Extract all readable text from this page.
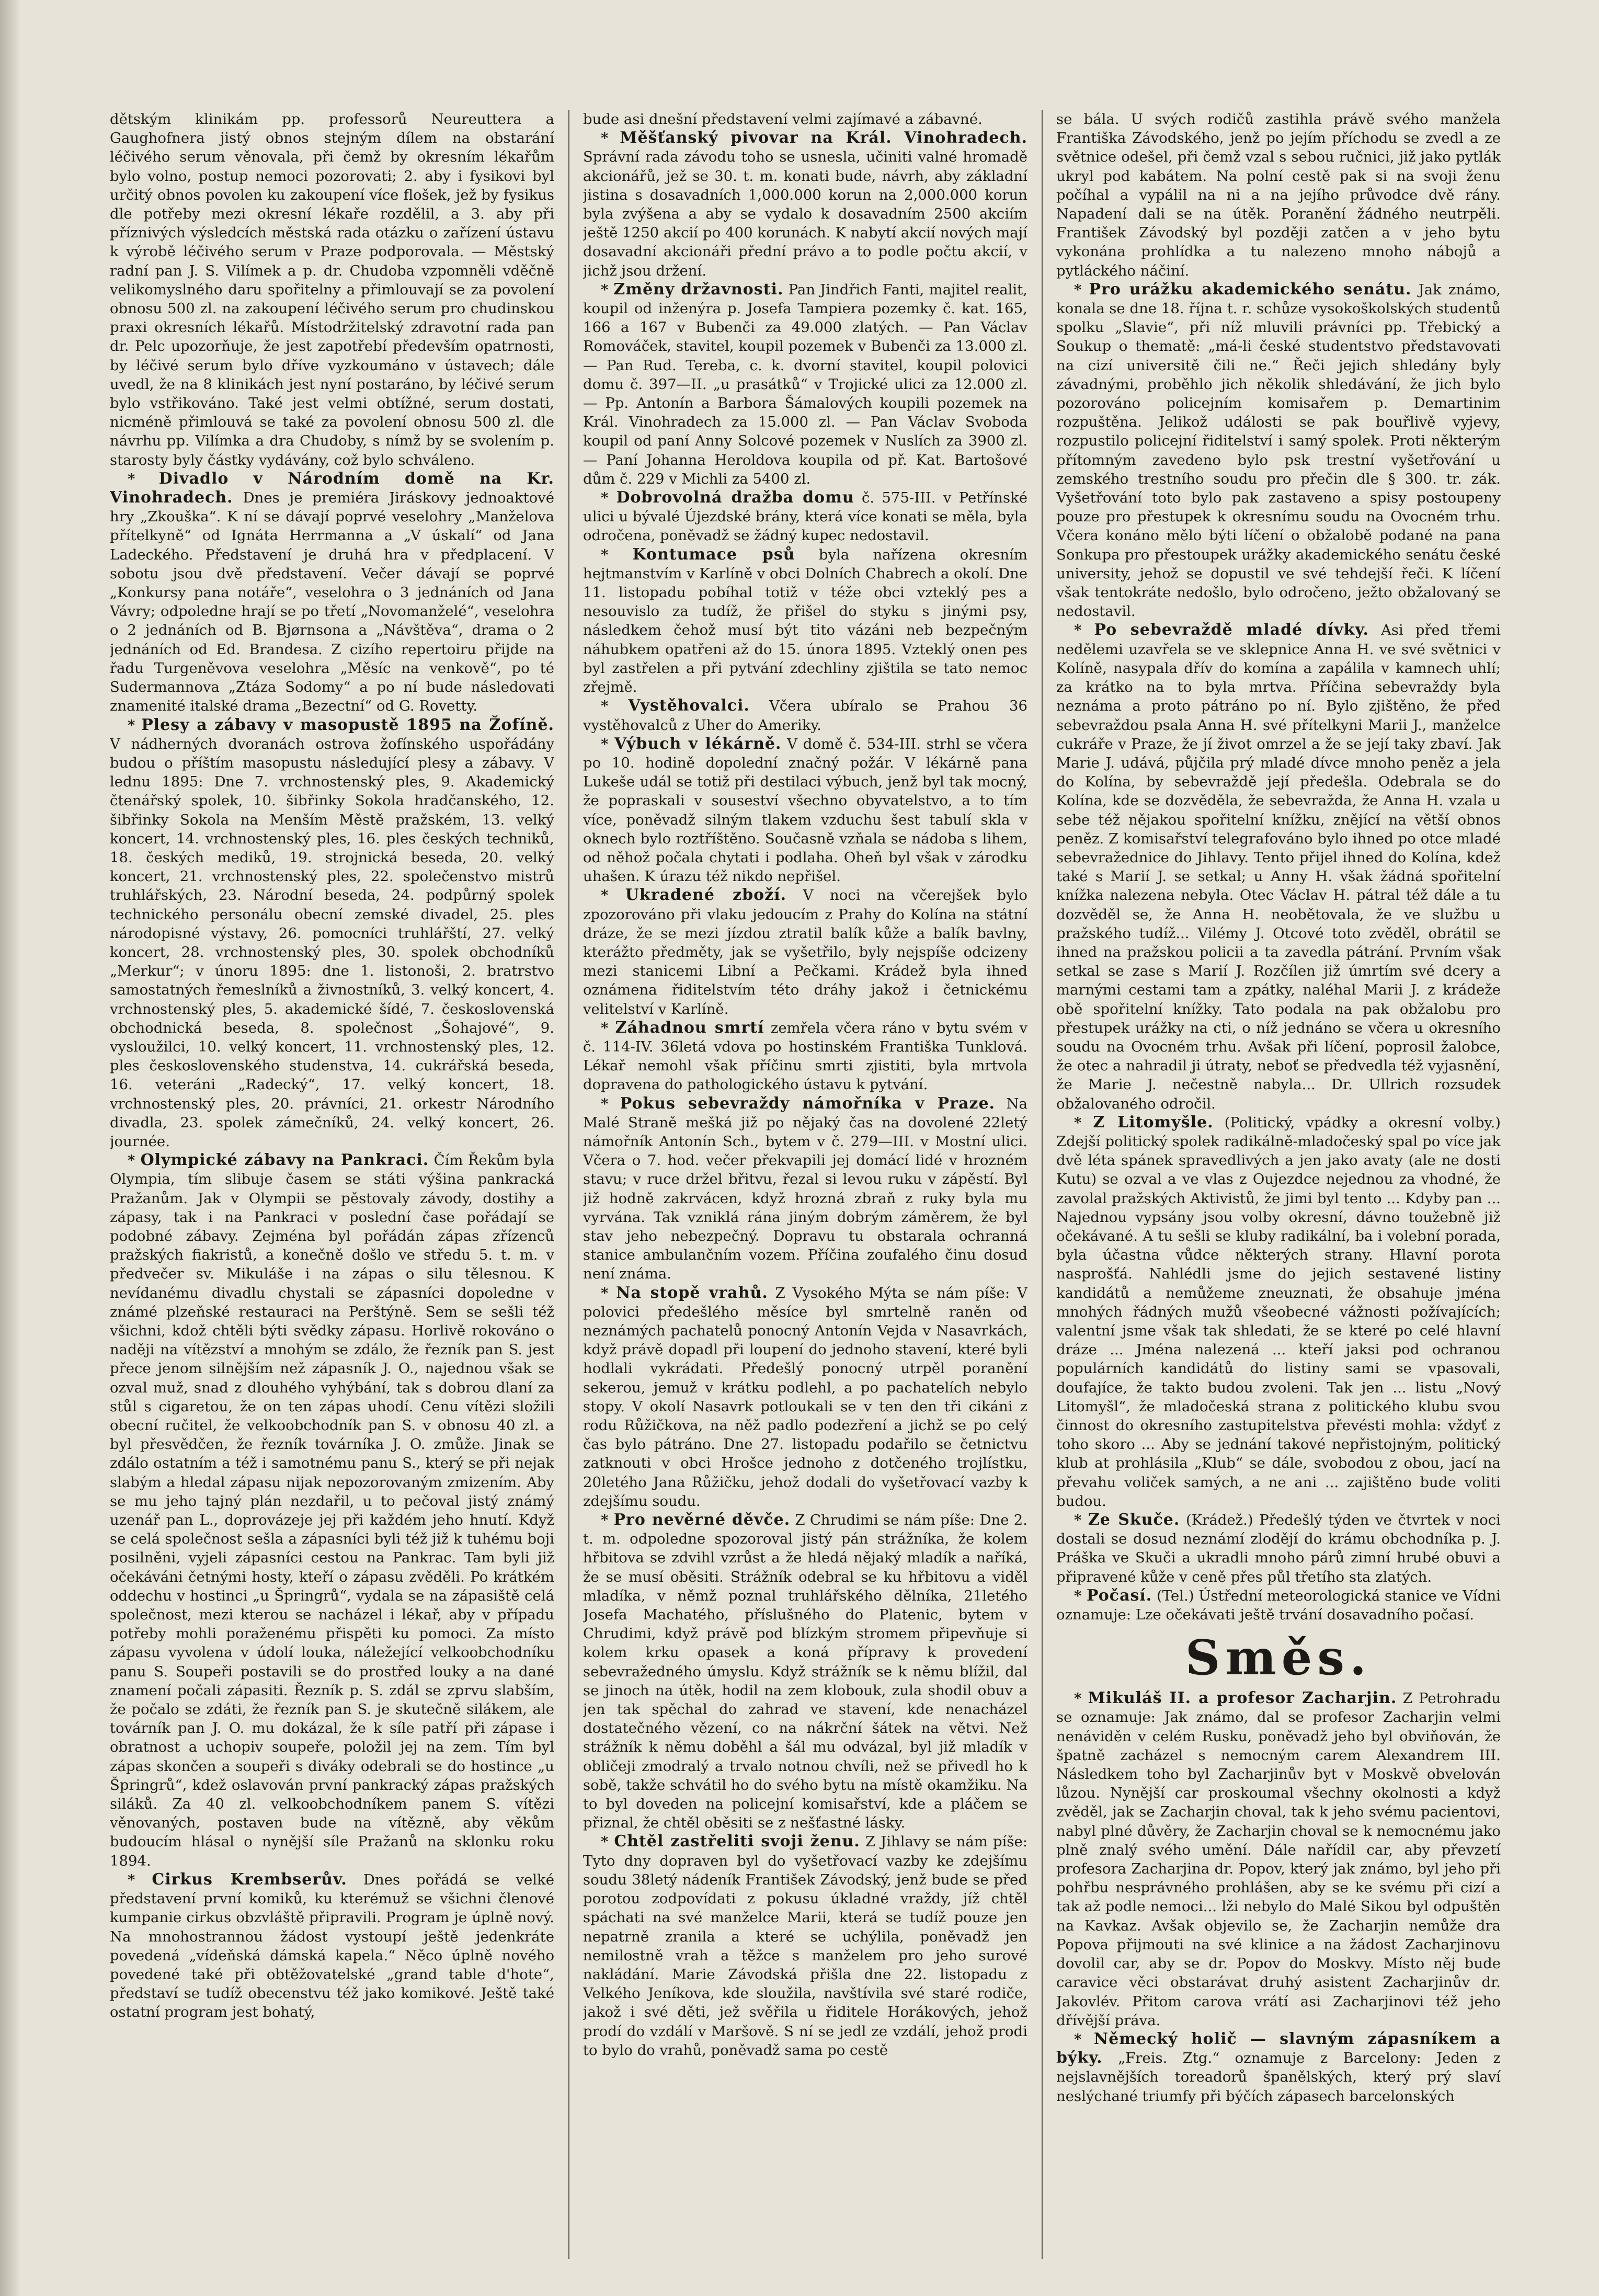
dětským klinikám pp. professorů Neureuttera a Gaughofnera jistý obnos stejným dílem na obstarání léčivého serum věnovala, při čemž by okresním lékařům bylo volno, postup nemoci pozorovati; 2. aby i fysikovi byl určitý obnos povolen ku zakoupení více flošek, jež by fysikus dle potřeby mezi okresní lékaře rozdělil, a 3. aby při příznivých výsledcích městská rada otázku o zařízení ústavu k výrobě léčivého serum v Praze podporovala. — Městský radní pan J. S. Vilímek a p. dr. Chudoba vzpomněli vděčně velikomyslného daru spořitelny a přimlouvají se za povolení obnosu 500 zl. na zakoupení léčivého serum pro chudinskou praxi okresních lékařů. Místodržitelský zdravotní rada pan dr. Pelc upozorňuje, že jest zapotřebí především opatrnosti, by léčivé serum bylo dříve vyzkoumáno v ústavech; dále uvedl, že na 8 klinikách jest nyní postaráno, by léčivé serum bylo vstřikováno. Také jest velmi obtížné, serum dostati, nicméně přimlouvá se také za povolení obnosu 500 zl. dle návrhu pp. Vilímka a dra Chudoby, s nímž by se svolením p. starosty byly částky vydávány, což bylo schváleno.

* Divadlo v Národním domě na Kr. Vinohradech. Dnes je premiéra Jiráskovy jednoaktové hry „Zkouška“. K ní se dávají poprvé veselohry „Manželova přítelkyně“ od Ignáta Herrmanna a „V úskalí“ od Jana Ladeckého. Představení je druhá hra v předplacení. V sobotu jsou dvě představení. Večer dávají se poprvé „Konkursy pana notáře“, veselohra o 3 jednáních od Jana Vávry; odpoledne hrají se po třetí „Novomanželé“, veselohra o 2 jednáních od B. Bjørnsona a „Návštěva“, drama o 2 jednáních od Ed. Brandesa. Z cizího repertoiru přijde na řadu Turgeněvova veselohra „Měsíc na venkově“, po té Sudermannova „Ztáza Sodomy“ a po ní bude následovati znamenité italské drama „Bezectní“ od G. Rovetty.

* Plesy a zábavy v masopustě 1895 na Žofíně. V nádherných dvoranách ostrova žofínského uspořádány budou o příštím masopustu následující plesy a zábavy. V lednu 1895: Dne 7. vrchnostenský ples, 9. Akademický čtenářský spolek, 10. šibřinky Sokola hradčanského, 12. šibřinky Sokola na Menším Městě pražském, 13. velký koncert, 14. vrchnostenský ples, 16. ples českých techniků, 18. českých mediků, 19. strojnická beseda, 20. velký koncert, 21. vrchnostenský ples, 22. společenstvo mistrů truhlářských, 23. Národní beseda, 24. podpůrný spolek technického personálu obecní zemské divadel, 25. ples národopisné výstavy, 26. pomocníci truhlářští, 27. velký koncert, 28. vrchnostenský ples, 30. spolek obchodníků „Merkur“; v únoru 1895: dne 1. listonoši, 2. bratrstvo samostatných řemeslníků a živnostníků, 3. velký koncert, 4. vrchnostenský ples, 5. akademické šídé, 7. československá obchodnická beseda, 8. společnost „Šohajové“, 9. vysloužilci, 10. velký koncert, 11. vrchnostenský ples, 12. ples československého studenstva, 14. cukrářská beseda, 16. veteráni „Radecký“, 17. velký koncert, 18. vrchnostenský ples, 20. právníci, 21. orkestr Národního divadla, 23. spolek zámečníků, 24. velký koncert, 26. journée.

* Olympické zábavy na Pankraci. Čím Řekům byla Olympia, tím slibuje časem se státi výšina pankracká Pražanům. Jak v Olympii se pěstovaly závody, dostihy a zápasy, tak i na Pankraci v poslední čase pořádají se podobné zábavy. Zejména byl pořádán zápas zřízenců pražských fiakristů, a konečně došlo ve středu 5. t. m. v předvečer sv. Mikuláše i na zápas o silu tělesnou. K nevídanému divadlu chystali se zápasníci dopoledne v známé plzeňské restauraci na Perštýně. Sem se sešli též všichni, kdož chtěli býti svědky zápasu. Horlivě rokováno o naději na vítězství a mnohým se zdálo, že řezník pan S. jest přece jenom silnějším než zápasník J. O., najednou však se ozval muž, snad z dlouhého vyhýbání, tak s dobrou dlaní za stůl s cigaretou, že on ten zápas uhodí. Cenu vítězi složili obecní ručitel, že velkoobchodník pan S. v obnosu 40 zl. a byl přesvědčen, že řezník továrníka J. O. zmůže. Jinak se zdálo ostatním a též i samotnému panu S., který se při nejak slabým a hledal zápasu nijak nepozorovaným zmizením. Aby se mu jeho tajný plán nezdařil, u to pečoval jistý známý uzenář pan L., doprovázeje jej při každém jeho hnutí. Když se celá společnost sešla a zápasníci byli též již k tuhému boji posilněni, vyjeli zápasníci cestou na Pankrac. Tam byli již očekáváni četnými hosty, kteří o zápasu zvěděli. Po krátkém oddechu v hostinci „u Špringrů“, vydala se na zápasiště celá společnost, mezi kterou se nacházel i lékař, aby v případu potřeby mohli poraženému přispěti ku pomoci. Za místo zápasu vyvolena v údolí louka, náležející velkoobchodníku panu S. Soupeři postavili se do prostřed louky a na dané znamení počali zápasiti. Řezník p. S. zdál se zprvu slabším, že počalo se zdáti, že řezník pan S. je skutečně silákem, ale továrník pan J. O. mu dokázal, že k síle patří při zápase i obratnost a uchopiv soupeře, položil jej na zem. Tím byl zápas skončen a soupeři s diváky odebrali se do hostince „u Špringrů“, kdež oslavován první pankracký zápas pražských siláků. Za 40 zl. velkoobchodníkem panem S. vítězi věnovaných, postaven bude na vítězně, aby věkům budoucím hlásal o nynější síle Pražanů na sklonku roku 1894.

* Cirkus Krembserův. Dnes pořádá se velké představení první komiků, ku kterémuž se všichni členové kumpanie cirkus obzvláště připravili. Program je úplně nový. Na mnohostrannou žádost vystoupí ještě jedenkráte povedená „vídeňská dámská kapela.“ Něco úplně nového povedené také při obtěžovatelské „grand table d'hote“, představí se tudíž obecenstvu též jako komikové. Ještě také ostatní program jest bohatý,

bude asi dnešní představení velmi zajímavé a zábavné.

* Měšťanský pivovar na Král. Vinohradech. Správní rada závodu toho se usnesla, učiniti valné hromadě akcionářů, jež se 30. t. m. konati bude, návrh, aby základní jistina s dosavadních 1,000.000 korun na 2,000.000 korun byla zvýšena a aby se vydalo k dosavadním 2500 akciím ještě 1250 akcií po 400 korunách. K nabytí akcií nových mají dosavadní akcionáři přední právo a to podle počtu akcií, v jichž jsou držení.

* Změny državnosti. Pan Jindřich Fanti, majitel realit, koupil od inženýra p. Josefa Tampiera pozemky č. kat. 165, 166 a 167 v Bubenči za 49.000 zlatých. — Pan Václav Romováček, stavitel, koupil pozemek v Bubenči za 13.000 zl. — Pan Rud. Tereba, c. k. dvorní stavitel, koupil polovici domu č. 397—II. „u prasátků“ v Trojické ulici za 12.000 zl. — Pp. Antonín a Barbora Šámalových koupili pozemek na Král. Vinohradech za 15.000 zl. — Pan Václav Svoboda koupil od paní Anny Solcové pozemek v Nuslích za 3900 zl. — Paní Johanna Heroldova koupila od př. Kat. Bartošové dům č. 229 v Michli za 5400 zl.

* Dobrovolná dražba domu č. 575-III. v Petřínské ulici u bývalé Újezdské brány, která více konati se měla, byla odročena, poněvadž se žádný kupec nedostavil.

* Kontumace psů byla nařízena okresním hejtmanstvím v Karlíně v obci Dolních Chabrech a okolí. Dne 11. listopadu pobíhal totiž v téže obci vzteklý pes a nesouvislo za tudíž, že přišel do styku s jinými psy, následkem čehož musí být tito vázáni neb bezpečným náhubkem opatřeni až do 15. února 1895. Vzteklý onen pes byl zastřelen a při pytvání zdechliny zjištila se tato nemoc zřejmě.

* Vystěhovalci. Včera ubíralo se Prahou 36 vystěhovalců z Uher do Ameriky.

* Výbuch v lékárně. V domě č. 534-III. strhl se včera po 10. hodině dopolední značný požár. V lékárně pana Lukeše udál se totiž při destilaci výbuch, jenž byl tak mocný, že popraskali v souseství všechno obyvatelstvo, a to tím více, poněvadž silným tlakem vzduchu šest tabulí skla v oknech bylo roztříštěno. Současně vzňala se nádoba s lihem, od něhož počala chytati i podlaha. Oheň byl však v zárodku uhašen. K úrazu též nikdo nepřišel.

* Ukradené zboží. V noci na včerejšek bylo zpozorováno při vlaku jedoucím z Prahy do Kolína na státní dráze, že se mezi jízdou ztratil balík kůže a balík bavlny, kterážto předměty, jak se vyšetřilo, byly nejspíše odcizeny mezi stanicemi Libní a Pečkami. Krádež byla ihned oznámena řiditelstvím této dráhy jakož i četnickému velitelství v Karlíně.

* Záhadnou smrtí zemřela včera ráno v bytu svém v č. 114-IV. 36letá vdova po hostinském Františka Tunklová. Lékař nemohl však příčinu smrti zjistiti, byla mrtvola dopravena do pathologického ústavu k pytvání.

* Pokus sebevraždy námořníka v Praze. Na Malé Straně mešká již po nějaký čas na dovolené 22letý námořník Antonín Sch., bytem v č. 279—III. v Mostní ulici. Včera o 7. hod. večer překvapili jej domácí lidé v hrozném stavu; v ruce držel břitvu, řezal si levou ruku v zápěstí. Byl již hodně zakrvácen, když hrozná zbraň z ruky byla mu vyrvána. Tak vzniklá rána jiným dobrým záměrem, že byl stav jeho nebezpečný. Dopravu tu obstarala ochranná stanice ambulančním vozem. Příčina zoufalého činu dosud není známa.

* Na stopě vrahů. Z Vysokého Mýta se nám píše: V polovici předešlého měsíce byl smrtelně raněn od neznámých pachatelů ponocný Antonín Vejda v Nasavrkách, když právě dopadl při loupení do jednoho stavení, které byli hodlali vykrádati. Předešlý ponocný utrpěl poranění sekerou, jemuž v krátku podlehl, a po pachatelích nebylo stopy. V okolí Nasavrk potloukali se v ten den tři cikáni z rodu Růžičkova, na něž padlo podezření a jichž se po celý čas bylo pátráno. Dne 27. listopadu podařilo se četnictvu zatknouti v obci Hrošce jednoho z dotčeného trojlístku, 20letého Jana Růžičku, jehož dodali do vyšetřovací vazby k zdejšímu soudu.

* Pro nevěrné děvče. Z Chrudimi se nám píše: Dne 2. t. m. odpoledne spozoroval jistý pán strážníka, že kolem hřbitova se zdvihl vzrůst a že hledá nějaký mladík a naříká, že se musí oběsiti. Strážník odebral se ku hřbitovu a viděl mladíka, v němž poznal truhlářského dělníka, 21letého Josefa Machatého, příslušného do Platenic, bytem v Chrudimi, když právě pod blízkým stromem připevňuje si kolem krku opasek a koná přípravy k provedení sebevražedného úmyslu. Když strážník se k němu blížil, dal se jinoch na útěk, hodil na zem klobouk, zula shodil obuv a jen tak spěchal do zahrad ve stavení, kde nenacházel dostatečného vězení, co na nákrční šátek na větvi. Než strážník k němu doběhl a šál mu odvázal, byl již mladík v obličeji zmodralý a trvalo notnou chvíli, než se přivedl ho k sobě, takže schvátil ho do svého bytu na místě okamžiku. Na to byl doveden na policejní komisařství, kde a pláčem se přiznal, že chtěl oběsiti se z nešťastné lásky.

* Chtěl zastřeliti svoji ženu. Z Jihlavy se nám píše: Tyto dny dopraven byl do vyšetřovací vazby ke zdejšímu soudu 38letý nádeník František Závodský, jenž bude se před porotou zodpovídati z pokusu úkladné vraždy, jíž chtěl spáchati na své manželce Marii, která se tudíž pouze jen nepatrně zranila a které se uchýlila, poněvadž jen nemilostně vrah a těžce s manželem pro jeho surové nakládání. Marie Závodská přišla dne 22. listopadu z Velkého Jeníkova, kde sloužila, navštívila své staré rodiče, jakož i své děti, jež svěřila u řiditele Horákových, jehož prodí do vzdálí v Maršově. S ní se jedl ze vzdálí, jehož prodi to bylo do vrahů, poněvadž sama po cestě

se bála. U svých rodičů zastihla právě svého manžela Františka Závodského, jenž po jejím příchodu se zvedl a ze světnice odešel, při čemž vzal s sebou ručnici, již jako pytlák ukryl pod kabátem. Na polní cestě pak si na svoji ženu počíhal a vypálil na ni a na jejího průvodce dvě rány. Napadení dali se na útěk. Poranění žádného neutrpěli. František Závodský byl později zatčen a v jeho bytu vykonána prohlídka a tu nalezeno mnoho nábojů a pytláckého náčiní.

* Pro urážku akademického senátu. Jak známo, konala se dne 18. října t. r. schůze vysokoškolských studentů spolku „Slavie“, při níž mluvili právníci pp. Třebický a Soukup o thematě: „má-li české studentstvo představovati na cizí universitě čili ne.“ Řeči jejich shledány byly závadnými, proběhlo jich několik shledávání, že jich bylo pozorováno policejním komisařem p. Demartinim rozpuštěna. Jelikož události se pak bouřlivě vyjevy, rozpustilo policejní řiditelství i samý spolek. Proti některým přítomným zavedeno bylo psk trestní vyšetřování u zemského trestního soudu pro přečin dle § 300. tr. zák. Vyšetřování toto bylo pak zastaveno a spisy postoupeny pouze pro přestupek k okresnímu soudu na Ovocném trhu. Včera konáno mělo býti líčení o obžalobě podané na pana Sonkupa pro přestoupek urážky akademického senátu české university, jehož se dopustil ve své tehdejší řeči. K líčení však tentokráte nedošlo, bylo odročeno, ježto obžalovaný se nedostavil.

* Po sebevraždě mladé dívky. Asi před třemi nedělemi uzavřela se ve sklepnice Anna H. ve své světnici v Kolíně, nasypala dřív do komína a zapálila v kamnech uhlí; za krátko na to byla mrtva. Příčina sebevraždy byla neznáma a proto pátráno po ní. Bylo zjištěno, že před sebevraždou psala Anna H. své přítelkyni Marii J., manželce cukráře v Praze, že jí život omrzel a že se její taky zbaví. Jak Marie J. udává, půjčila prý mladé dívce mnoho peněz a jela do Kolína, by sebevraždě její předešla. Odebrala se do Kolína, kde se dozvěděla, že sebevražda, že Anna H. vzala u sebe též nějakou spořitelní knížku, znějící na větší obnos peněz. Z komisařství telegrafováno bylo ihned po otce mladé sebevražednice do Jihlavy. Tento přijel ihned do Kolína, kdež také s Marií J. se setkal; u Anny H. však žádná spořitelní knížka nalezena nebyla. Otec Václav H. pátral též dále a tu dozvěděl se, že Anna H. neobětovala, že ve službu u pražského tudíž... Vilémy J. Otcové toto zvěděl, obrátil se ihned na pražskou policii a ta zavedla pátrání. Prvním však setkal se zase s Marií J. Rozčílen již úmrtím své dcery a marnými cestami tam a zpátky, naléhal Marii J. z krádeže obě spořitelní knížky. Tato podala na pak obžalobu pro přestupek urážky na cti, o níž jednáno se včera u okresního soudu na Ovocném trhu. Avšak při líčení, poprosil žalobce, že otec a nahradil ji útraty, neboť se předvedla též vyjasnění, že Marie J. nečestně nabyla... Dr. Ullrich rozsudek obžalovaného odročil.

* Z Litomyšle. (Politický, vpádky a okresní volby.) Zdejší politický spolek radikálně-mladočeský spal po více jak dvě léta spánek spravedlivých a jen jako avaty (ale ne dosti Kutu) se ozval a ve vlas z Oujezdce nejednou za vhodné, že zavolal pražských Aktivistů, že jimi byl tento ... Kdyby pan ... Najednou vypsány jsou volby okresní, dávno toužebně již očekávané. A tu sešli se kluby radikální, ba i volební porada, byla účastna vůdce některých strany. Hlavní porota nasprošťá. Nahlédli jsme do jejich sestavené listiny kandidátů a nemůžeme zneuznati, že obsahuje jména mnohých řádných mužů všeobecné vážnosti požívajících; valentní jsme však tak shledati, že se které po celé hlavní dráze ... Jména nalezená ... kteří jaksi pod ochranou populárních kandidátů do listiny sami se vpasovali, doufajíce, že takto budou zvoleni. Tak jen ... listu „Nový Litomyšl“, že mladočeská strana z politického klubu svou činnost do okresního zastupitelstva převésti mohla: vždyť z toho skoro ... Aby se jednání takové nepřistojným, politický klub at prohlásila „Klub“ se dále, svobodou z obou, jací na převahu voliček samých, a ne ani ... zajištěno bude voliti budou.

* Ze Skuče. (Krádež.) Předešlý týden ve čtvrtek v noci dostali se dosud neznámí zlodějí do krámu obchodníka p. J. Práška ve Skuči a ukradli mnoho párů zimní hrubé obuvi a připravené kůže v ceně přes půl třetího sta zlatých.

* Počasí. (Tel.) Ústřední meteorologická stanice ve Vídni oznamuje: Lze očekávati ještě trvání dosavadního počasí.

Směs.

* Mikuláš II. a profesor Zacharjin. Z Petrohradu se oznamuje: Jak známo, dal se profesor Zacharjin velmi nenáviděn v celém Rusku, poněvadž jeho byl obviňován, že špatně zacházel s nemocným carem Alexandrem III. Následkem toho byl Zacharjinův byt v Moskvě obvelován lůzou. Nynější car proskoumal všechny okolnosti a když zvěděl, jak se Zacharjin choval, tak k jeho svému pacientovi, nabyl plné důvěry, že Zacharjin choval se k nemocnému jako plně znalý svého umění. Dále nařídil car, aby převzetí profesora Zacharjina dr. Popov, který jak známo, byl jeho při pohřbu nesprávného prohlášen, aby se ke svému při cizí a tak až podle nemoci... lži nebylo do Malé Sikou byl odpuštěn na Kavkaz. Avšak objevilo se, že Zacharjin nemůže dra Popova přijmouti na své klinice a na žádost Zacharjinovu dovolil car, aby se dr. Popov do Moskvy. Místo něj bude caravice věci obstarávat druhý asistent Zacharjinův dr. Jakovlév. Přitom carova vrátí asi Zacharjinovi též jeho dřívější práva.

* Německý holič — slavným zápasníkem a býky. „Freis. Ztg.“ oznamuje z Barcelony: Jeden z nejslavnějších toreadorů španělských, který prý slaví neslýchané triumfy při býčích zápasech barcelonských
